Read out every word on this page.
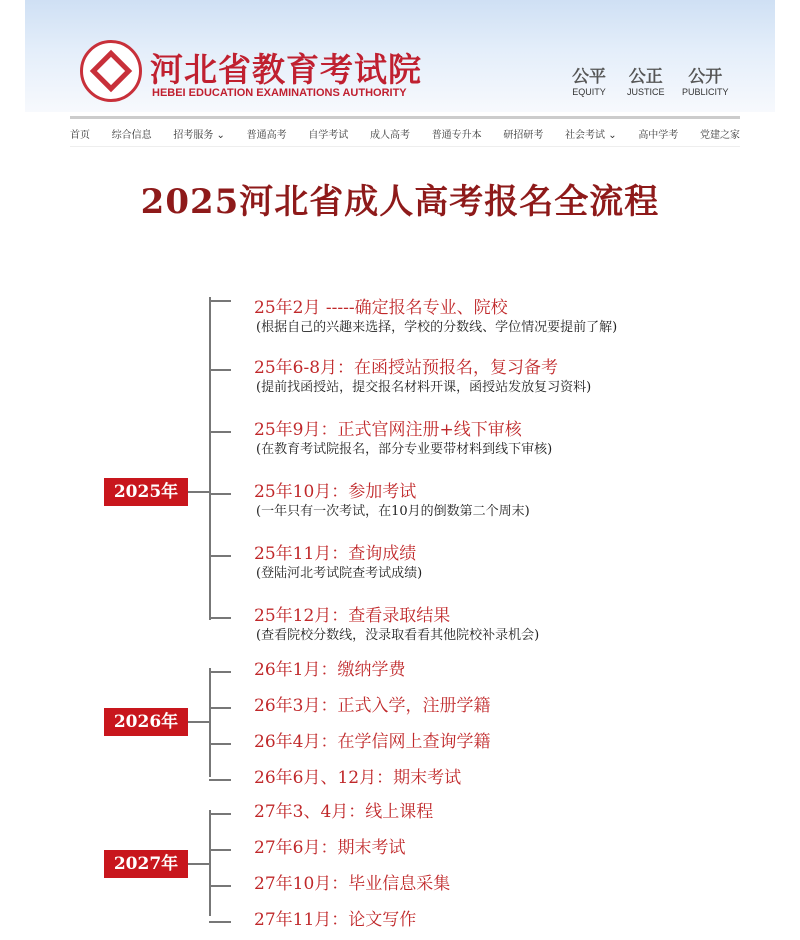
河北省教育考试院
HEBEI EDUCATION EXAMINATIONS AUTHORITY
公平
EQUITY
公正
JUSTICE
公开
PUBLICITY
首页 综合信息 招考服务 ⌄ 普通高考 自学考试 成人高考 普通专升本 研招研考 社会考试 ⌄ 高中学考 党建之家
2025河北省成人高考报名全流程
2025年
25年2月 -----确定报名专业、院校
(根据自己的兴趣来选择，学校的分数线、学位情况要提前了解)
25年6-8月：在函授站预报名，复习备考
(提前找函授站，提交报名材料开课，函授站发放复习资料)
25年9月：正式官网注册+线下审核
(在教育考试院报名，部分专业要带材料到线下审核)
25年10月：参加考试
(一年只有一次考试，在10月的倒数第二个周末)
25年11月：查询成绩
(登陆河北考试院查考试成绩)
25年12月：查看录取结果
(查看院校分数线，没录取看看其他院校补录机会)
2026年
26年1月：缴纳学费
26年3月：正式入学，注册学籍
26年4月：在学信网上查询学籍
26年6月、12月：期末考试
2027年
27年3、4月：线上课程
27年6月：期末考试
27年10月：毕业信息采集
27年11月：论文写作
